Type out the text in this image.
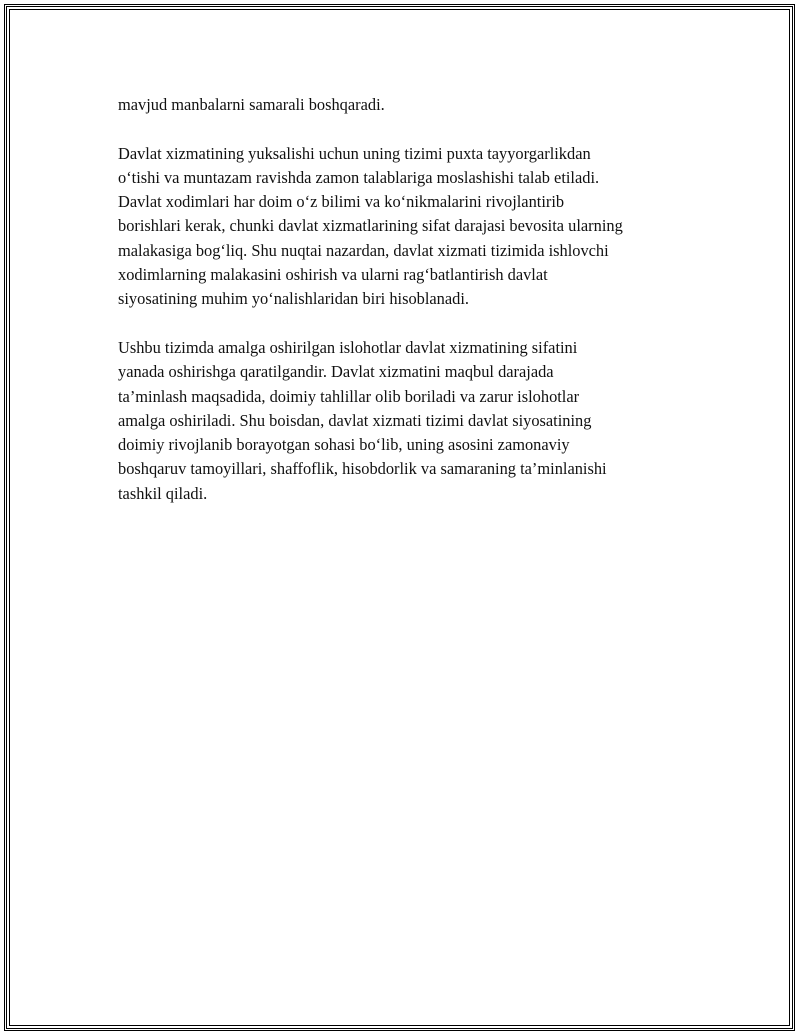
mavjud manbalarni samarali boshqaradi.

Davlat xizmatining yuksalishi uchun uning tizimi puxta tayyorgarlikdan
o‘tishi va muntazam ravishda zamon talablariga moslashishi talab etiladi.
Davlat xodimlari har doim o‘z bilimi va ko‘nikmalarini rivojlantirib
borishlari kerak, chunki davlat xizmatlarining sifat darajasi bevosita ularning
malakasiga bog‘liq. Shu nuqtai nazardan, davlat xizmati tizimida ishlovchi
xodimlarning malakasini oshirish va ularni rag‘batlantirish davlat
siyosatining muhim yo‘nalishlaridan biri hisoblanadi.

Ushbu tizimda amalga oshirilgan islohotlar davlat xizmatining sifatini
yanada oshirishga qaratilgandir. Davlat xizmatini maqbul darajada
ta’minlash maqsadida, doimiy tahlillar olib boriladi va zarur islohotlar
amalga oshiriladi. Shu boisdan, davlat xizmati tizimi davlat siyosatining
doimiy rivojlanib borayotgan sohasi bo‘lib, uning asosini zamonaviy
boshqaruv tamoyillari, shaffoflik, hisobdorlik va samaraning ta’minlanishi
tashkil qiladi.
